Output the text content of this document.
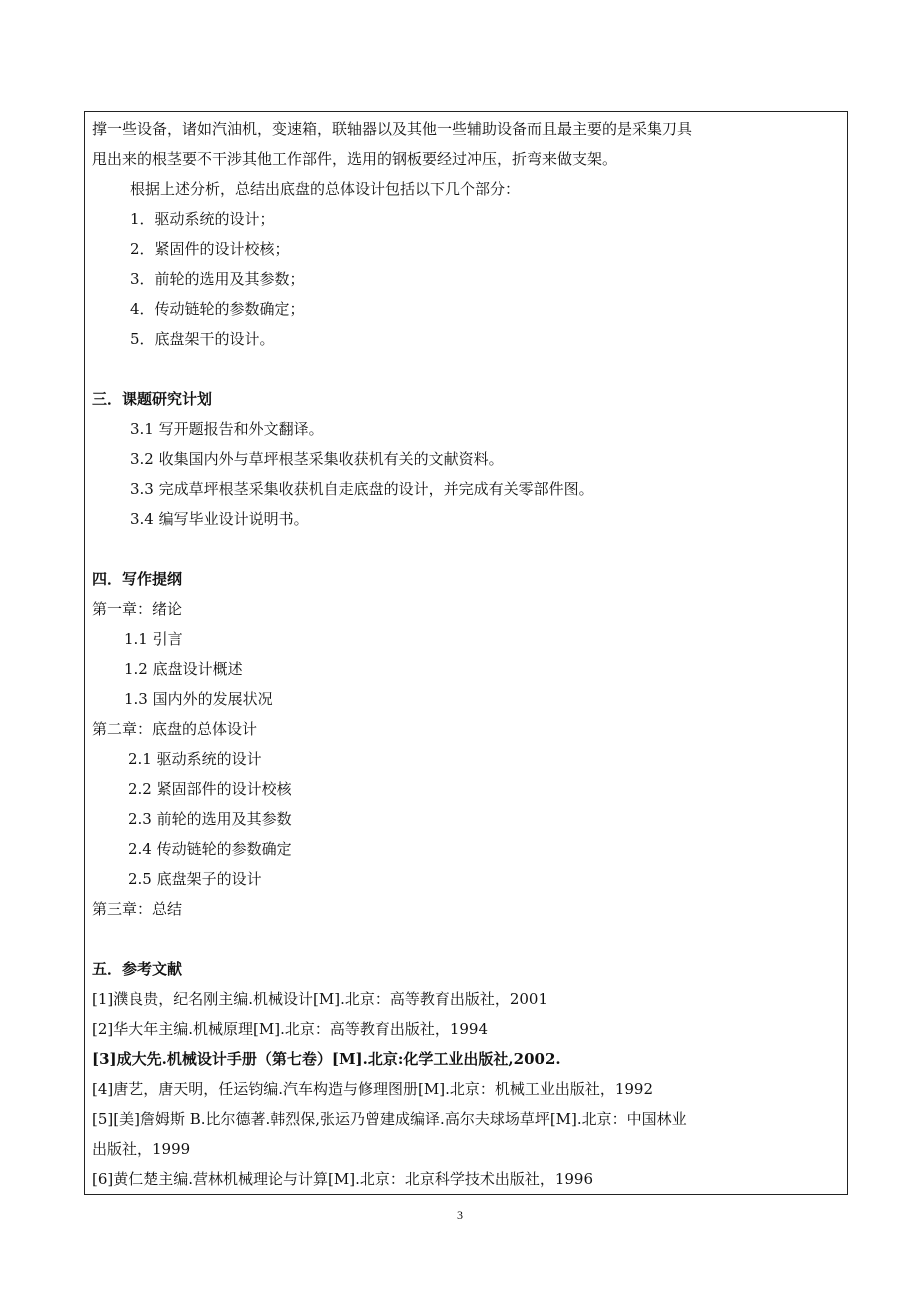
撑一些设备，诸如汽油机，变速箱，联轴器以及其他一些辅助设备而且最主要的是采集刀具
甩出来的根茎要不干涉其他工作部件，选用的钢板要经过冲压，折弯来做支架。
根据上述分析，总结出底盘的总体设计包括以下几个部分：
1．驱动系统的设计；
2．紧固件的设计校核；
3．前轮的选用及其参数；
4．传动链轮的参数确定；
5．底盘架干的设计。
三．课题研究计划
3.1 写开题报告和外文翻译。
3.2 收集国内外与草坪根茎采集收获机有关的文献资料。
3.3 完成草坪根茎采集收获机自走底盘的设计，并完成有关零部件图。
3.4 编写毕业设计说明书。
四．写作提纲
第一章：绪论
1.1 引言
1.2 底盘设计概述
1.3 国内外的发展状况
第二章：底盘的总体设计
2.1 驱动系统的设计
2.2 紧固部件的设计校核
2.3 前轮的选用及其参数
2.4 传动链轮的参数确定
2.5 底盘架子的设计
第三章：总结
五．参考文献
[1]濮良贵，纪名刚主编.机械设计[M].北京：高等教育出版社，2001
[2]华大年主编.机械原理[M].北京：高等教育出版社，1994
[3]成大先.机械设计手册（第七卷）[M].北京:化学工业出版社,2002.
[4]唐艺，唐天明，任运钧编.汽车构造与修理图册[M].北京：机械工业出版社，1992
[5][美]詹姆斯 B.比尔德著.韩烈保,张运乃曾建成编译.高尔夫球场草坪[M].北京：中国林业
出版社，1999
[6]黄仁楚主编.营林机械理论与计算[M].北京：北京科学技术出版社，1996
3
